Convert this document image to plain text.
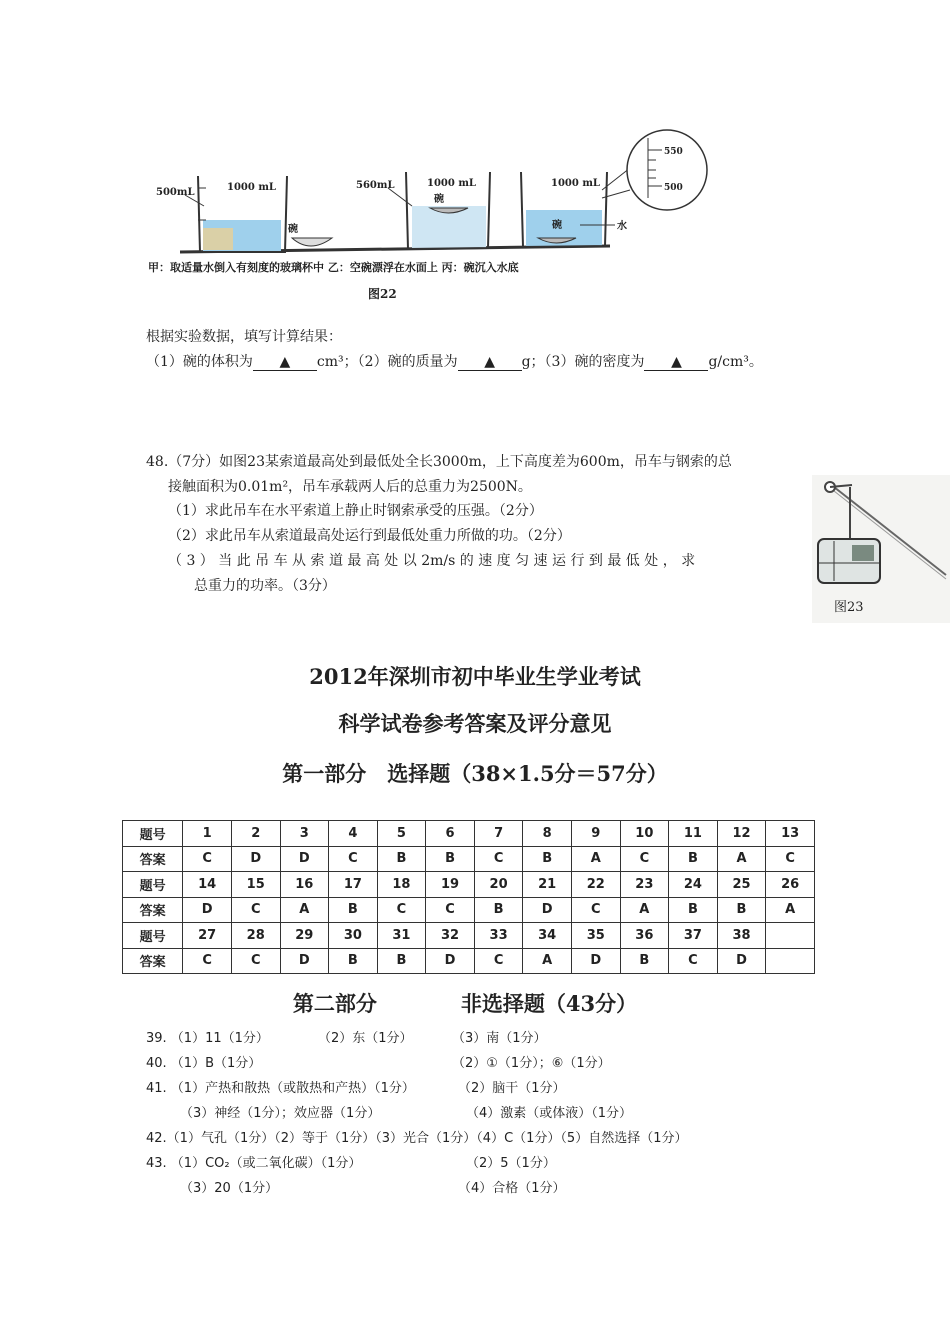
500mL	1000 mL
碗
560mL	1000 mL
碗
1000 mL
碗	水
550
500
甲：取适量水倒入有刻度的玻璃杯中 乙：空碗漂浮在水面上 丙：碗沉入水底
图22
根据实验数据，填写计算结果：
（1）碗的体积为 ▲ cm³；（2）碗的质量为 ▲ g；（3）碗的密度为 ▲ g/cm³。
48.（7分）如图23某索道最高处到最低处全长3000m，上下高度差为600m，吊车与钢索的总
接触面积为0.01m²，吊车承载两人后的总重力为2500N。
（1）求此吊车在水平索道上静止时钢索承受的压强。（2分）
（2）求此吊车从索道最高处运行到最低处重力所做的功。（2分）
（ 3 ） 当 此 吊 车 从 索 道 最 高 处 以 2m/s 的 速 度 匀 速 运 行 到 最 低 处 ， 求
总重力的功率。（3分）
图23
2012年深圳市初中毕业生学业考试
科学试卷参考答案及评分意见
第一部分　选择题（38×1.5分＝57分）
题号	1	2	3	4	5	6	7	8	9	10	11	12	13
答案	C	D	D	C	B	B	C	B	A	C	B	A	C
题号	14	15	16	17	18	19	20	21	22	23	24	25	26
答案	D	C	A	B	C	C	B	D	C	A	B	B	A
题号	27	28	29	30	31	32	33	34	35	36	37	38	
答案	C	C	D	B	B	D	C	A	D	B	C	D	
第二部分　　　　非选择题（43分）
39. （1）11（1分）	（2）东（1分）	（3）南（1分）
40. （1）B（1分）	（2）①（1分）；⑥（1分）
41. （1）产热和散热（或散热和产热）（1分）	（2）脑干（1分）
（3）神经（1分）；效应器（1分）	（4）激素（或体液）（1分）
42.（1）气孔（1分）（2）等于（1分）（3）光合（1分）（4）C（1分）（5）自然选择（1分）
43. （1）CO₂（或二氧化碳）（1分）	（2）5（1分）
（3）20（1分）	（4）合格（1分）
